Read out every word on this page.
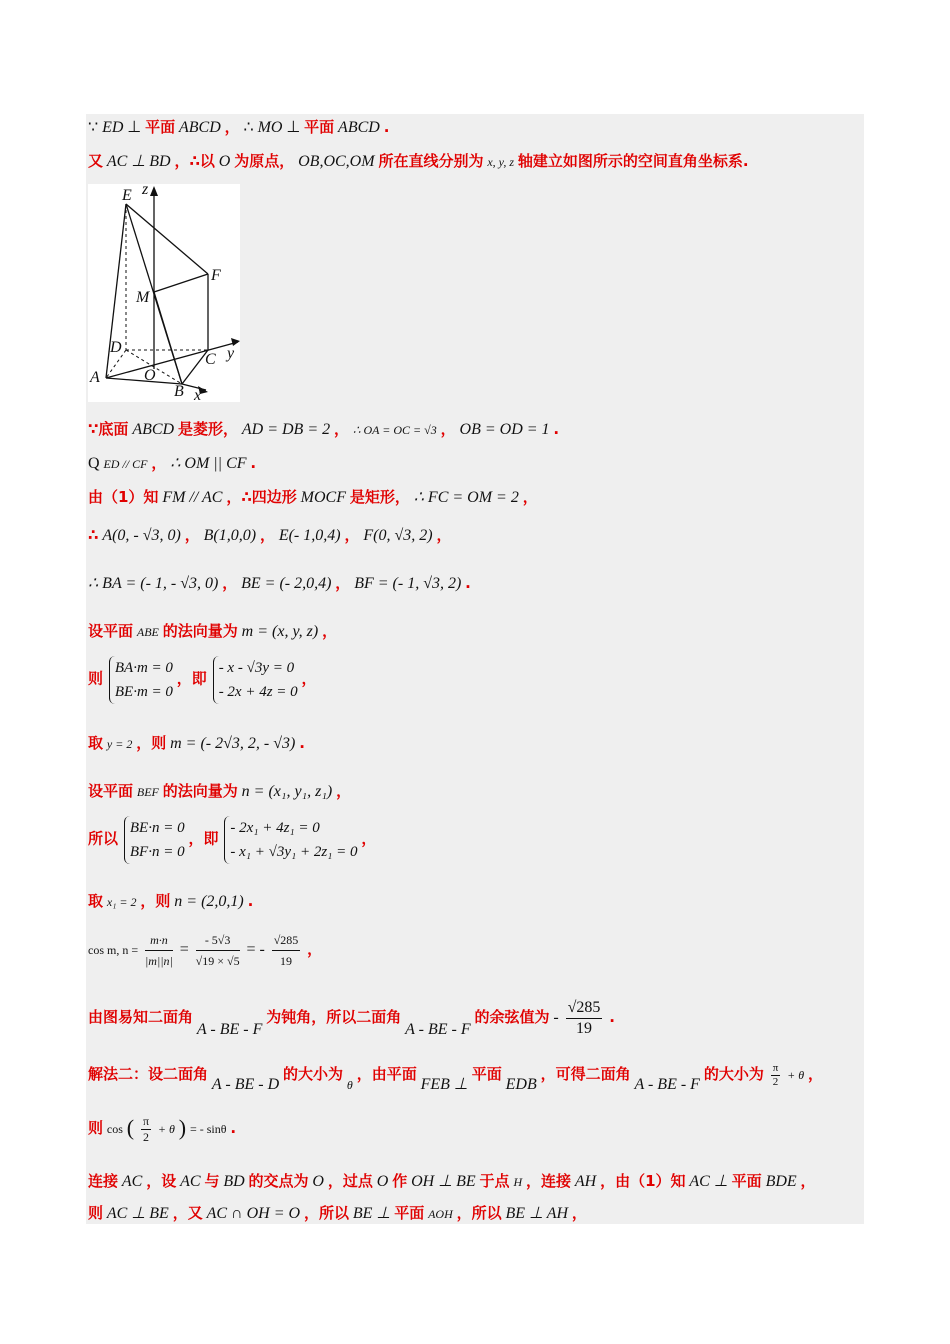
∵ ED ⊥ 平面 ABCD ， ∴ MO ⊥ 平面 ABCD .
又 AC ⊥ BD ，∴以 O 为原点， OB,OC,OM 所在直线分别为 x, y, z 轴建立如图所示的空间直角坐标系.
E z
F
M
D
C y
A	O
B x
∵底面 ABCD 是菱形， AD = DB = 2 ， ∴ OA = OC = √3 ， OB = OD = 1 .
Q ED // CF ， ∴ OM || CF .
由（1）知 FM // AC ，∴四边形 MOCF 是矩形， ∴ FC = OM = 2 ，
∴ A(0, - √3, 0) ， B(1,0,0) ， E(- 1,0,4) ， F(0, √3, 2) ，
∴ BA = (- 1, - √3, 0) ， BE = (- 2,0,4) ， BF = (- 1, √3, 2) .
设平面 ABE 的法向量为 m = (x, y, z) ，
则
BA·m = 0
BE·m = 0
，即
- x - √3y = 0
- 2x + 4z = 0
，
取 y = 2 ，则 m = (- 2√3, 2, - √3) .
设平面 BEF 的法向量为 n = (x₁, y₁, z₁) ，
所以
BE·n = 0
BF·n = 0
，即
- 2x₁ + 4z₁ = 0
- x₁ + √3y₁ + 2z₁ = 0
，
取 x₁ = 2 ，则 n = (2,0,1) .
cos m, $n = \frac{m\cdot n}{|m||n|} = \frac{- 5√3}{√19 \times √5}$ = - $\frac{√285}{19}$ ，
由图易知二面角 A - BE - F 为钝角，所以二面角 A - BE - F 的余弦值为 - $\frac{√285}{19}$ .
解法二：设二面角 A - BE - D 的大小为 $_\theta$ ，由平面 FEB ⊥ 平面 EDB ，可得二面角 A - BE - F 的大小为 $\frac{\pi}{2} + \theta$ ，
则 cos ( $\frac{\pi}{2} + \theta$ ) = - sinθ .
连接 AC ，设 AC 与 BD 的交点为 O ，过点 O 作 OH ⊥ BE 于点 H ，连接 AH ，由（1）知 AC ⊥ 平面 BDE ，
则 AC ⊥ BE ，又 AC ∩ OH = O ，所以 BE ⊥ 平面 AOH ，所以 BE ⊥ AH ，
